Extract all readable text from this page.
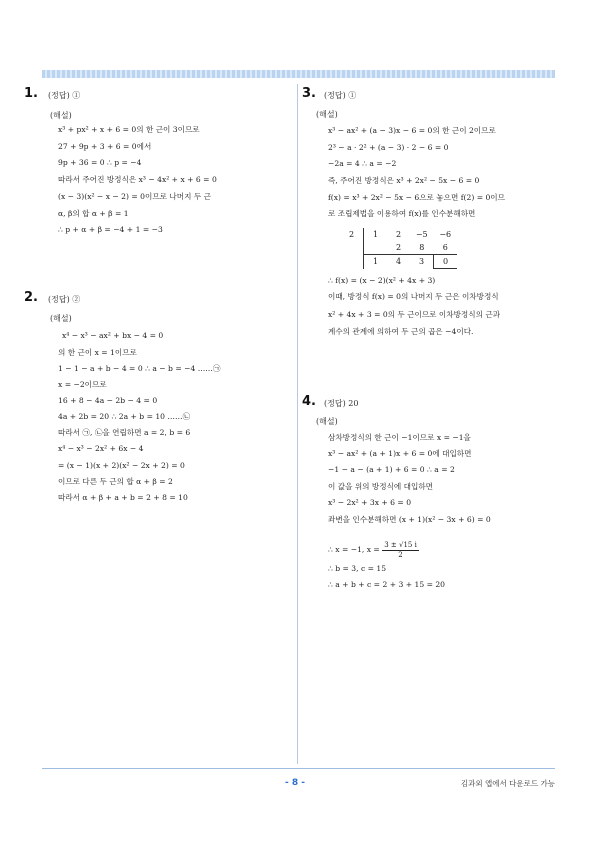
1. (정답) ①
(해설)
x³ + px² + x + 6 = 0의 한 근이 3이므로
27 + 9p + 3 + 6 = 0에서
9p + 36 = 0 ∴ p = −4
따라서 주어진 방정식은 x³ − 4x² + x + 6 = 0
(x − 3)(x² − x − 2) = 0이므로 나머지 두 근
α, β의 합 α + β = 1
∴ p + α + β = −4 + 1 = −3
2. (정답) ②
(해설)
x⁴ − x³ − ax² + bx − 4 = 0
의 한 근이 x = 1이므로
1 − 1 − a + b − 4 = 0 ∴ a − b = −4 ……㉠
x = −2이므로
16 + 8 − 4a − 2b − 4 = 0
4a + 2b = 20 ∴ 2a + b = 10 ……㉡
따라서 ㉠, ㉡을 연립하면 a = 2, b = 6
x⁴ − x³ − 2x² + 6x − 4
= (x − 1)(x + 2)(x² − 2x + 2) = 0
이므로 다른 두 근의 합 α + β = 2
따라서 α + β + a + b = 2 + 8 = 10
3. (정답) ①
(해설)
x³ − ax² + (a − 3)x − 6 = 0의 한 근이 2이므로
2³ − a · 2² + (a − 3) · 2 − 6 = 0
−2a = 4 ∴ a = −2
즉, 주어진 방정식은 x³ + 2x² − 5x − 6 = 0
f(x) = x³ + 2x² − 5x − 6으로 놓으면 f(2) = 0이므
로 조립제법을 이용하여 f(x)를 인수분해하면
2	1	2	−5	−6
		2	8	6
	1	4	3	0
∴ f(x) = (x − 2)(x² + 4x + 3)
이때, 방정식 f(x) = 0의 나머지 두 근은 이차방정식
x² + 4x + 3 = 0의 두 근이므로 이차방정식의 근과
계수의 관계에 의하여 두 근의 곱은 −4이다.
4. (정답) 20
(해설)
삼차방정식의 한 근이 −1이므로 x = −1을
x³ − ax² + (a + 1)x + 6 = 0에 대입하면
−1 − a − (a + 1) + 6 = 0 ∴ a = 2
이 값을 위의 방정식에 대입하면
x³ − 2x² + 3x + 6 = 0
좌변을 인수분해하면 (x + 1)(x² − 3x + 6) = 0
∴ x = −1, $x = \frac{3 \pm √15 i}{2}$
∴ b = 3, c = 15
∴ a + b + c = 2 + 3 + 15 = 20
- 8 -	김과외 앱에서 다운로드 가능
